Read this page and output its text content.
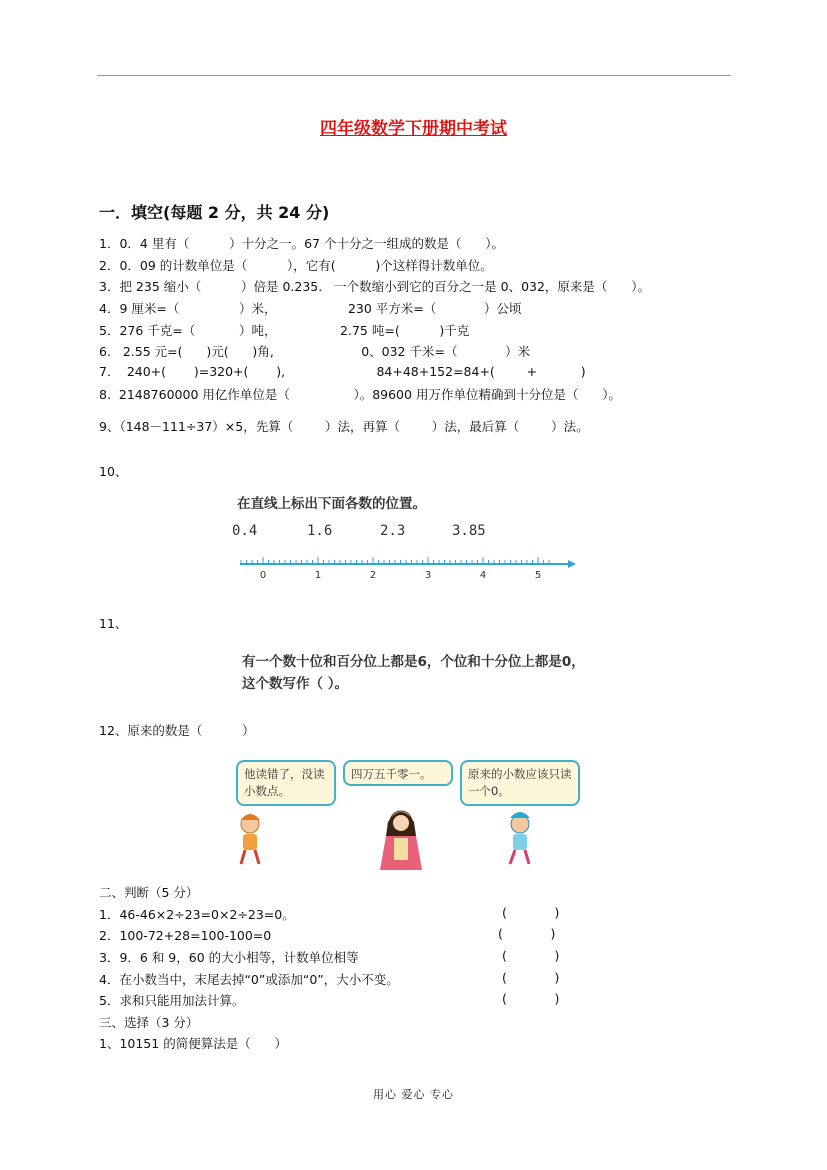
四年级数学下册期中考试
一．填空(每题 2 分，共 24 分)
1．0．4 里有（          ）十分之一。67 个十分之一组成的数是（      ）。
2．0．09 的计数单位是（          ），它有(          )个这样得计数单位。
3．把 235 缩小（          ）倍是 0.235.   一个数缩小到它的百分之一是 0、032，原来是（      ）。
4．9 厘米=（               ）米，                  230 平方米=（            ）公顷
5．276 千克=（           ）吨，                2.75 吨=(          )千克
6.   2.55 元=(      )元(      )角,                      0、032 千米=（            ）米
7.    240+(       )=320+(       ),                       84+48+152=84+(        +           )
8.  2148760000 用亿作单位是（                ）。89600 用万作单位精确到十分位是（      ）。
9、（148－111÷37）×5，先算（        ）法，再算（        ）法，最后算（        ）法。
10、
在直线上标出下面各数的位置。
0.4	1.6	2.3	3.85
0	1	2	3	4	5
11、
有一个数十位和百分位上都是6，个位和十分位上都是0，
这个数写作（ ）。
12、原来的数是（          ）
他读错了，没读小数点。
四万五千零一。	原来的小数应该只读一个0。
二、判断（5 分）
1．46-46×2÷23=0×2÷23=0。	(            )
2．100-72+28=100-100=0	(            )
3．9．6 和 9，60 的大小相等，计数单位相等	(            )
4．在小数当中，末尾去掉“0”或添加“0”，大小不变。	(            )
5．求和只能用加法计算。	(            )
三、选择（3 分）
1、10151 的简便算法是（      ）
用心 爱心 专心
